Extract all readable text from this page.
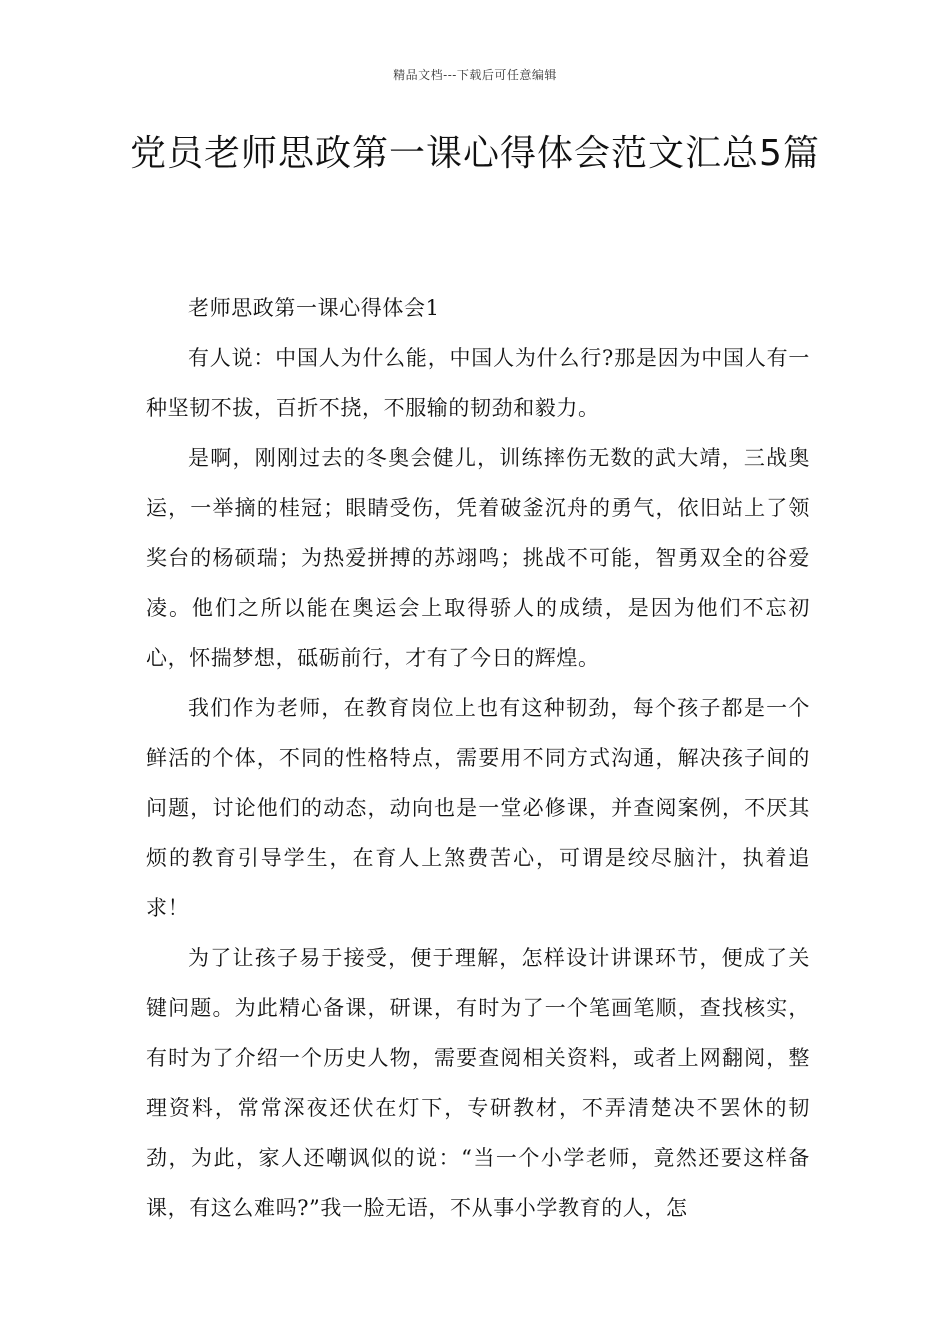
精品文档---下载后可任意编辑
党员老师思政第一课心得体会范文汇总5篇

老师思政第一课心得体会1

有人说：中国人为什么能，中国人为什么行?那是因为中国人有一种坚韧不拔，百折不挠，不服输的韧劲和毅力。

是啊，刚刚过去的冬奥会健儿，训练摔伤无数的武大靖，三战奥运，一举摘的桂冠；眼睛受伤，凭着破釜沉舟的勇气，依旧站上了领奖台的杨硕瑞；为热爱拼搏的苏翊鸣；挑战不可能，智勇双全的谷爱凌。他们之所以能在奥运会上取得骄人的成绩，是因为他们不忘初心，怀揣梦想，砥砺前行，才有了今日的辉煌。

我们作为老师，在教育岗位上也有这种韧劲，每个孩子都是一个鲜活的个体，不同的性格特点，需要用不同方式沟通，解决孩子间的问题，讨论他们的动态，动向也是一堂必修课，并查阅案例，不厌其烦的教育引导学生，在育人上煞费苦心，可谓是绞尽脑汁，执着追求！

为了让孩子易于接受，便于理解，怎样设计讲课环节，便成了关键问题。为此精心备课，研课，有时为了一个笔画笔顺，查找核实，有时为了介绍一个历史人物，需要查阅相关资料，或者上网翻阅，整理资料，常常深夜还伏在灯下，专研教材，不弄清楚决不罢休的韧劲，为此，家人还嘲讽似的说：“当一个小学老师，竟然还要这样备课，有这么难吗?”我一脸无语，不从事小学教育的人，怎
